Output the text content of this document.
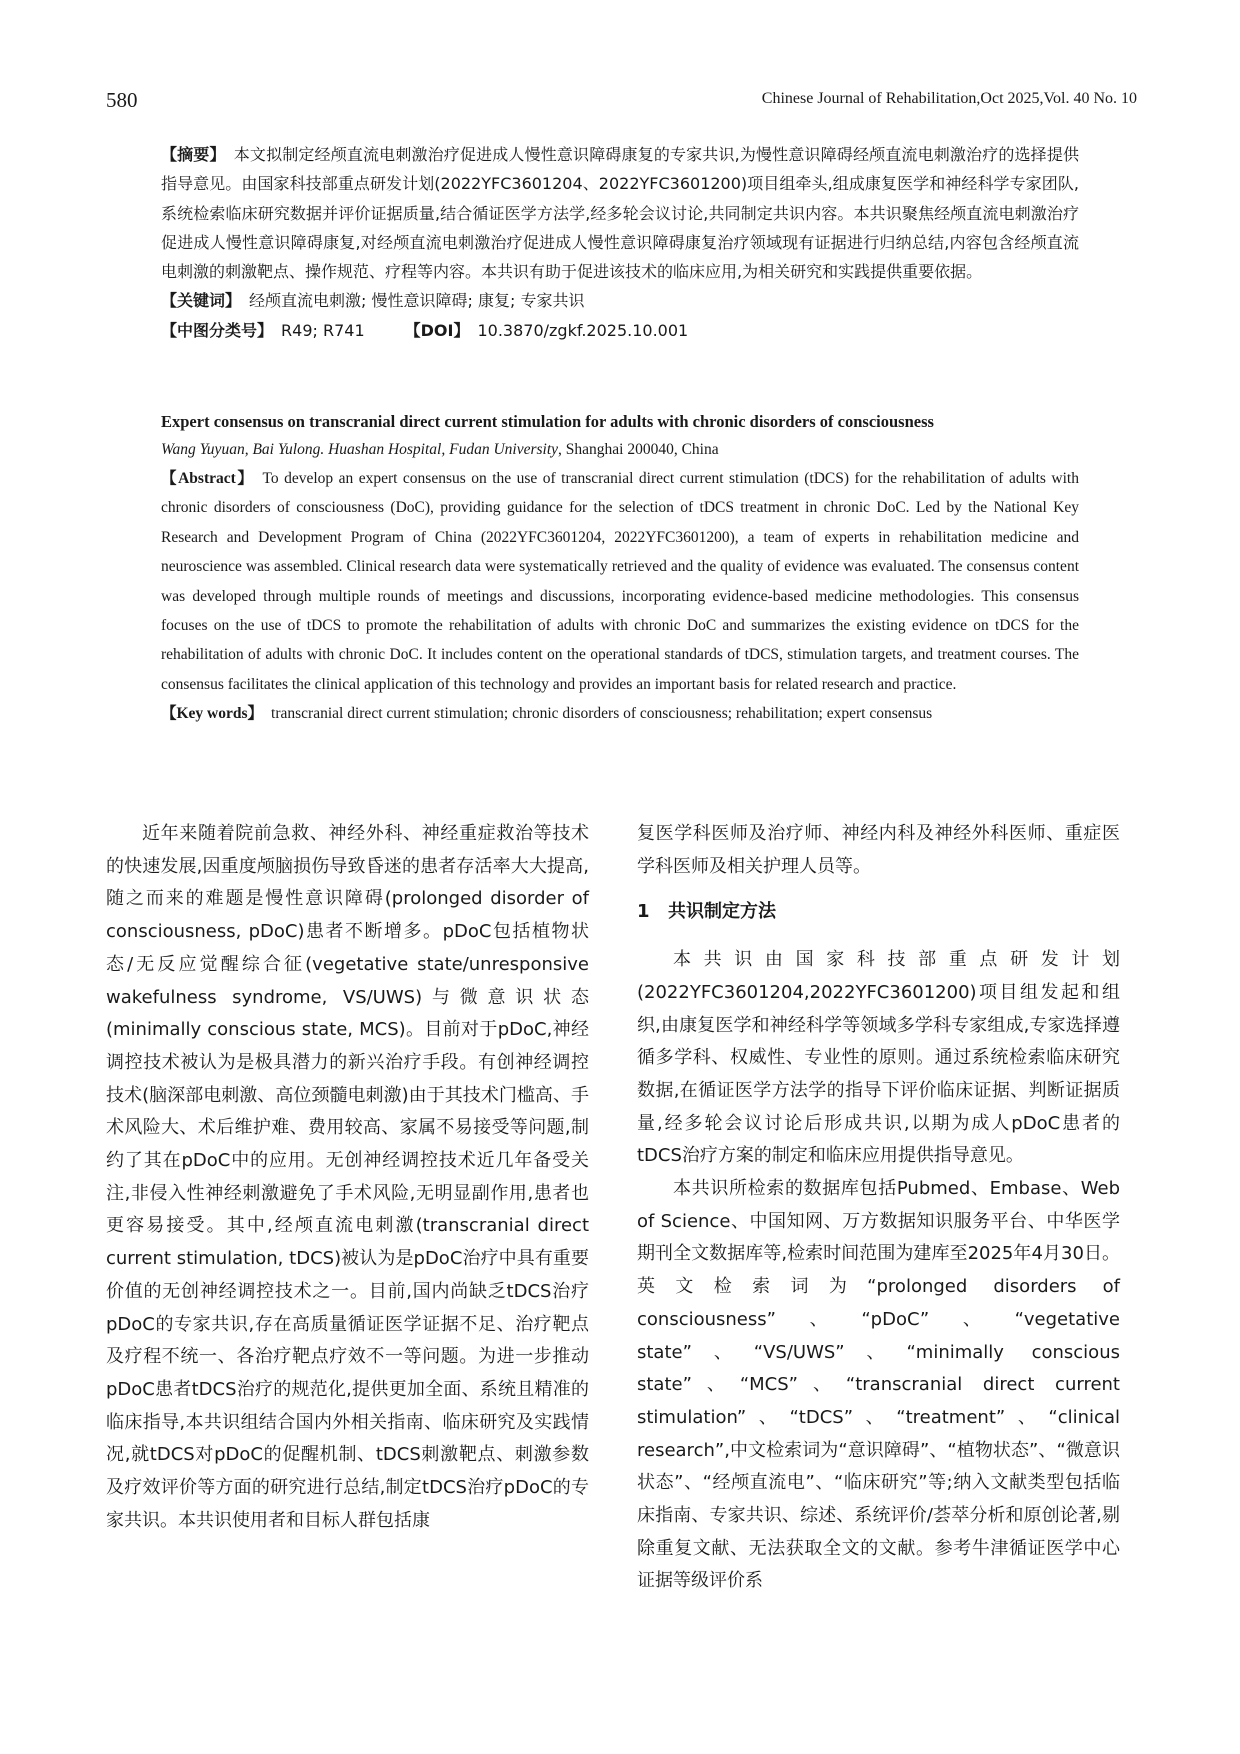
580	Chinese Journal of Rehabilitation,Oct 2025,Vol. 40 No. 10

【摘要】 本文拟制定经颅直流电刺激治疗促进成人慢性意识障碍康复的专家共识,为慢性意识障碍经颅直流电刺激治疗的选择提供指导意见。由国家科技部重点研发计划(2022YFC3601204、2022YFC3601200)项目组牵头,组成康复医学和神经科学专家团队,系统检索临床研究数据并评价证据质量,结合循证医学方法学,经多轮会议讨论,共同制定共识内容。本共识聚焦经颅直流电刺激治疗促进成人慢性意识障碍康复,对经颅直流电刺激治疗促进成人慢性意识障碍康复治疗领域现有证据进行归纳总结,内容包含经颅直流电刺激的刺激靶点、操作规范、疗程等内容。本共识有助于促进该技术的临床应用,为相关研究和实践提供重要依据。

【关键词】 经颅直流电刺激; 慢性意识障碍; 康复; 专家共识

【中图分类号】 R49; R741	【DOI】 10.3870/zgkf.2025.10.001

Expert consensus on transcranial direct current stimulation for adults with chronic disorders of consciousness

Wang Yuyuan, Bai Yulong. Huashan Hospital, Fudan University, Shanghai 200040, China

【Abstract】 To develop an expert consensus on the use of transcranial direct current stimulation (tDCS) for the rehabilitation of adults with chronic disorders of consciousness (DoC), providing guidance for the selection of tDCS treatment in chronic DoC. Led by the National Key Research and Development Program of China (2022YFC3601204, 2022YFC3601200), a team of experts in rehabilitation medicine and neuroscience was assembled. Clinical research data were systematically retrieved and the quality of evidence was evaluated. The consensus content was developed through multiple rounds of meetings and discussions, incorporating evidence-based medicine methodologies. This consensus focuses on the use of tDCS to promote the rehabilitation of adults with chronic DoC and summarizes the existing evidence on tDCS for the rehabilitation of adults with chronic DoC. It includes content on the operational standards of tDCS, stimulation targets, and treatment courses. The consensus facilitates the clinical application of this technology and provides an important basis for related research and practice.

【Key words】 transcranial direct current stimulation; chronic disorders of consciousness; rehabilitation; expert consensus

近年来随着院前急救、神经外科、神经重症救治等技术的快速发展,因重度颅脑损伤导致昏迷的患者存活率大大提高,随之而来的难题是慢性意识障碍(prolonged disorder of consciousness, pDoC)患者不断增多。pDoC包括植物状态/无反应觉醒综合征(vegetative state/unresponsive wakefulness syndrome, VS/UWS)与微意识状态(minimally conscious state, MCS)。目前对于pDoC,神经调控技术被认为是极具潜力的新兴治疗手段。有创神经调控技术(脑深部电刺激、高位颈髓电刺激)由于其技术门槛高、手术风险大、术后维护难、费用较高、家属不易接受等问题,制约了其在pDoC中的应用。无创神经调控技术近几年备受关注,非侵入性神经刺激避免了手术风险,无明显副作用,患者也更容易接受。其中,经颅直流电刺激(transcranial direct current stimulation, tDCS)被认为是pDoC治疗中具有重要价值的无创神经调控技术之一。目前,国内尚缺乏tDCS治疗pDoC的专家共识,存在高质量循证医学证据不足、治疗靶点及疗程不统一、各治疗靶点疗效不一等问题。为进一步推动pDoC患者tDCS治疗的规范化,提供更加全面、系统且精准的临床指导,本共识组结合国内外相关指南、临床研究及实践情况,就tDCS对pDoC的促醒机制、tDCS刺激靶点、刺激参数及疗效评价等方面的研究进行总结,制定tDCS治疗pDoC的专家共识。本共识使用者和目标人群包括康

复医学科医师及治疗师、神经内科及神经外科医师、重症医学科医师及相关护理人员等。

1 共识制定方法

本共识由国家科技部重点研发计划(2022YFC3601204,2022YFC3601200)项目组发起和组织,由康复医学和神经科学等领域多学科专家组成,专家选择遵循多学科、权威性、专业性的原则。通过系统检索临床研究数据,在循证医学方法学的指导下评价临床证据、判断证据质量,经多轮会议讨论后形成共识,以期为成人pDoC患者的tDCS治疗方案的制定和临床应用提供指导意见。

本共识所检索的数据库包括Pubmed、Embase、Web of Science、中国知网、万方数据知识服务平台、中华医学期刊全文数据库等,检索时间范围为建库至2025年4月30日。英文检索词为“prolonged disorders of consciousness”、“pDoC”、“vegetative state”、“VS/UWS”、“minimally conscious state”、“MCS”、“transcranial direct current stimulation”、“tDCS”、“treatment”、“clinical research”,中文检索词为“意识障碍”、“植物状态”、“微意识状态”、“经颅直流电”、“临床研究”等;纳入文献类型包括临床指南、专家共识、综述、系统评价/荟萃分析和原创论著,剔除重复文献、无法获取全文的文献。参考牛津循证医学中心证据等级评价系
